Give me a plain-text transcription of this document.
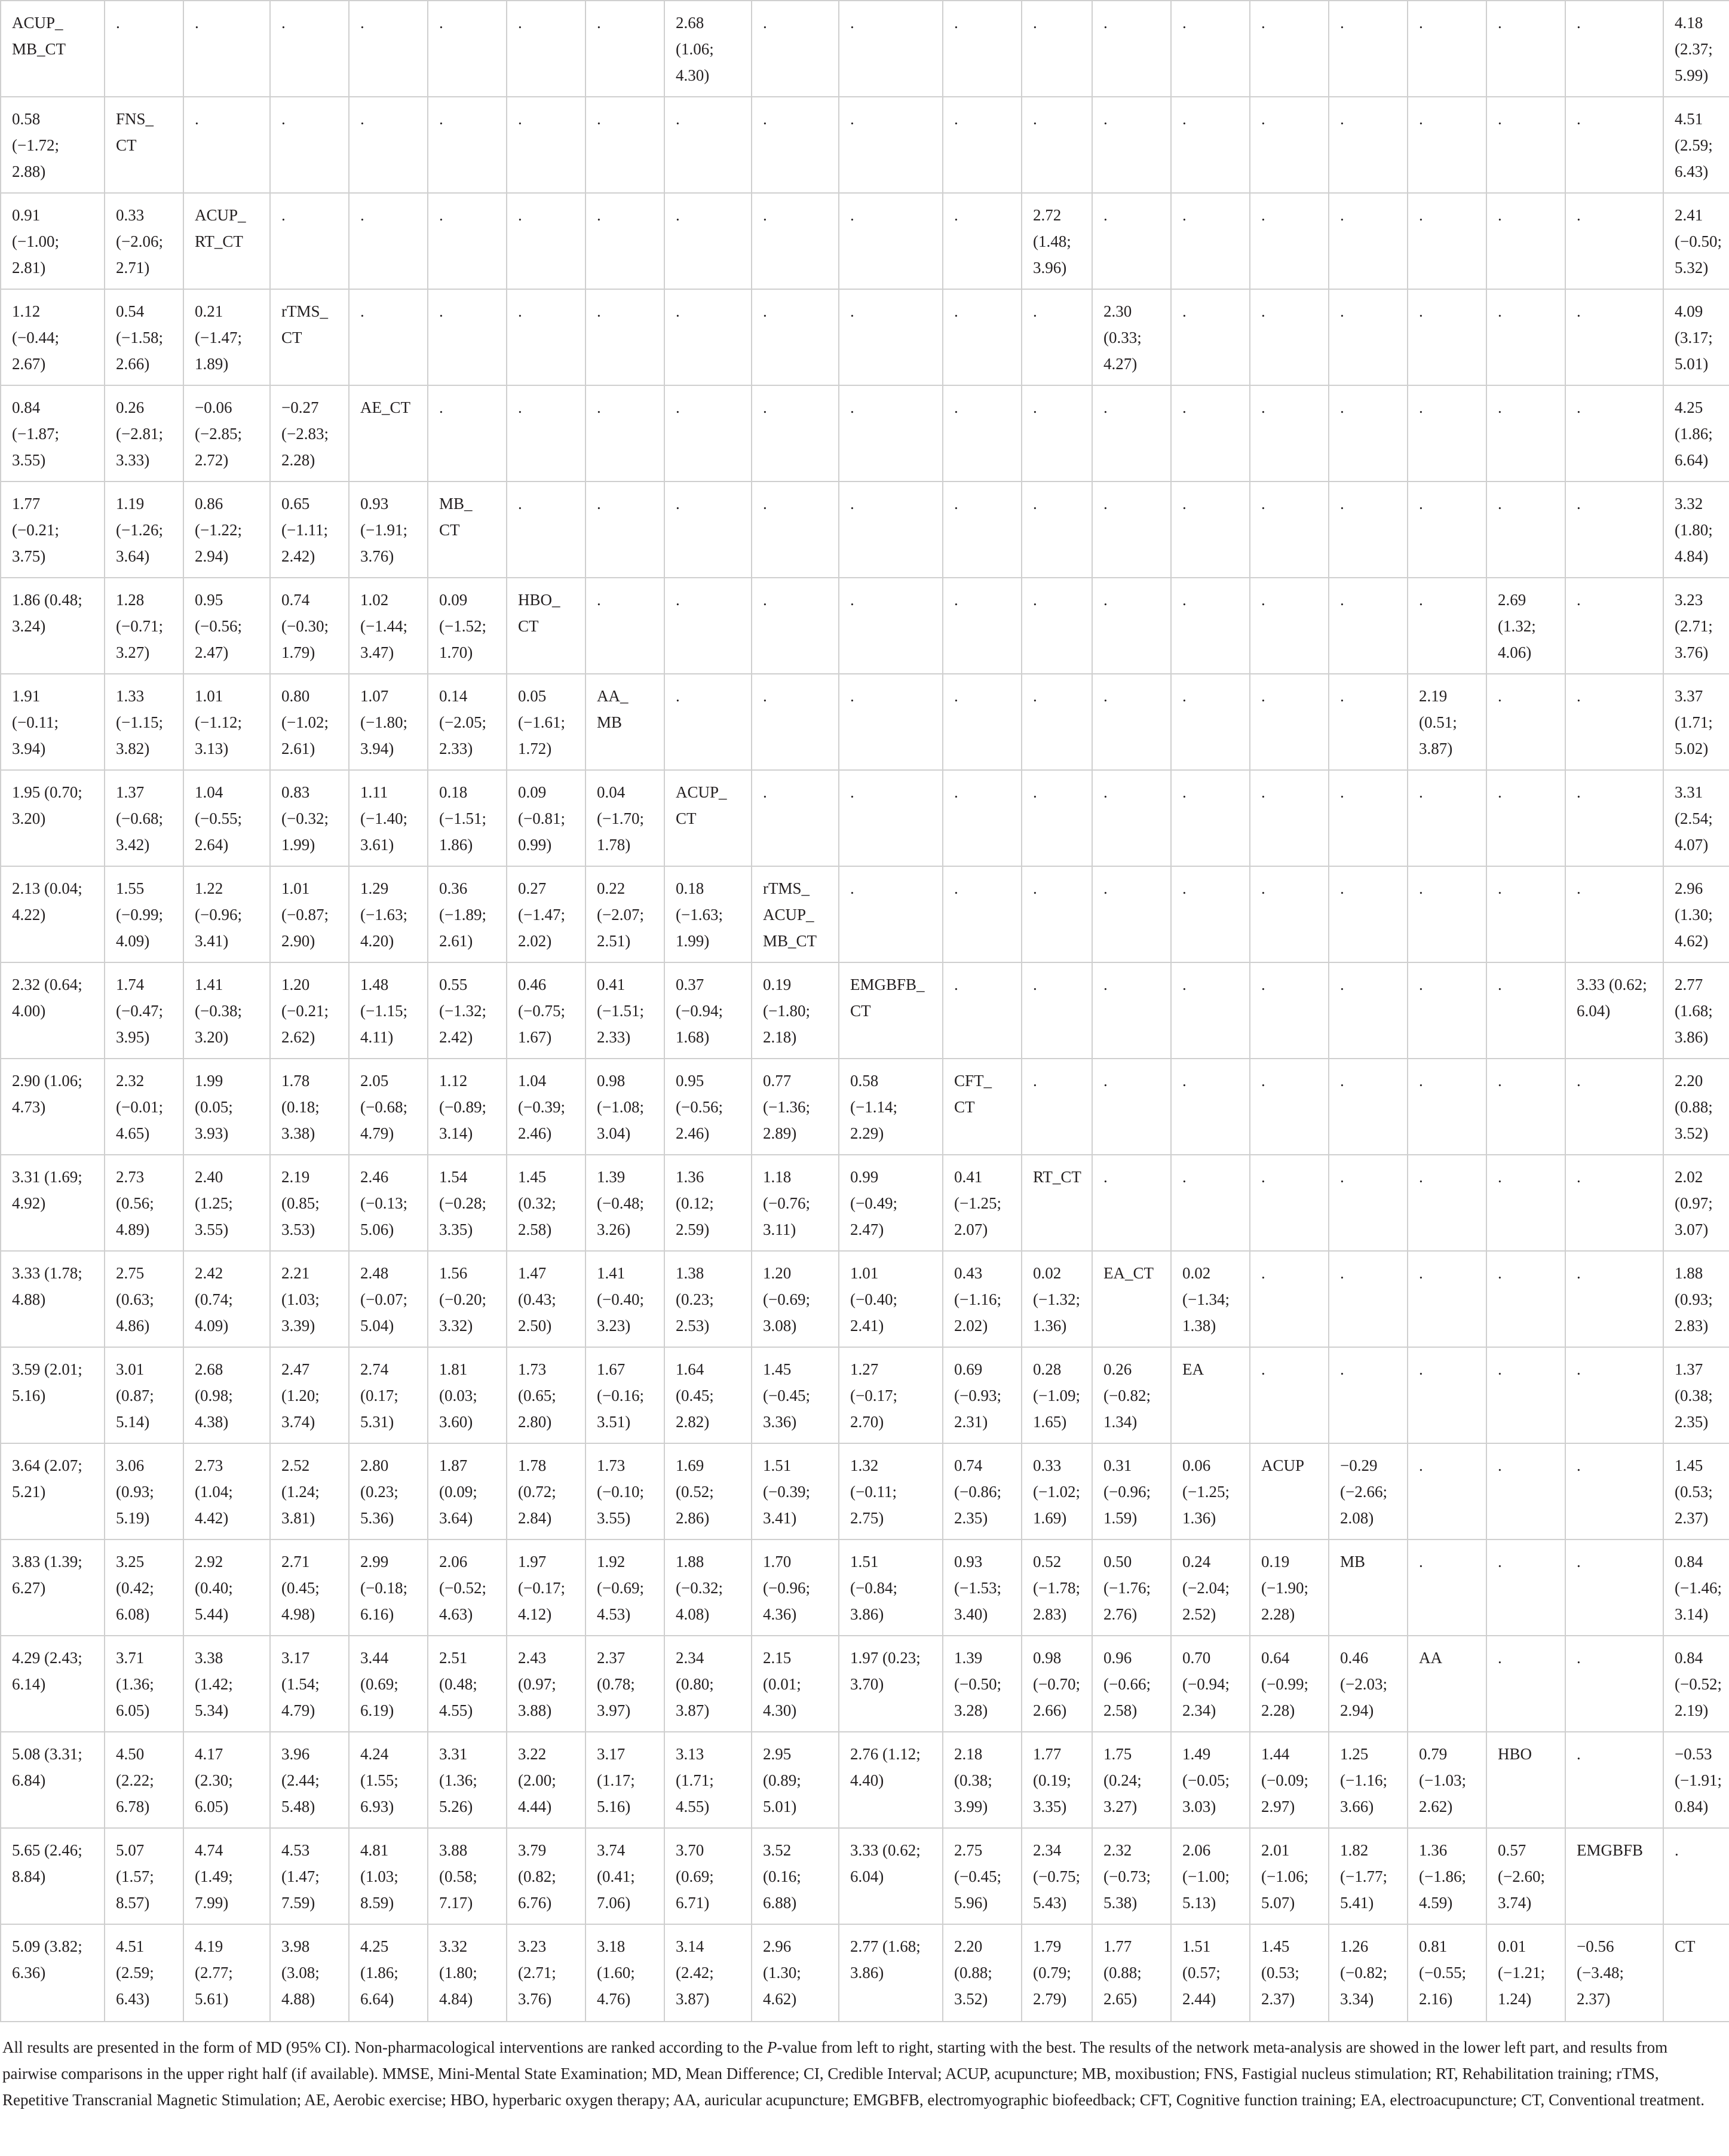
ACUP_
MB_CT	.	.	.	.	.	.	.	2.68
(1.06;
4.30)	.	.	.	.	.	.	.	.	.	.	.	4.18
(2.37;
5.99)
0.58
(−1.72;
2.88)	FNS_
CT	.	.	.	.	.	.	.	.	.	.	.	.	.	.	.	.	.	.	4.51
(2.59;
6.43)
0.91
(−1.00;
2.81)	0.33
(−2.06;
2.71)	ACUP_
RT_CT	.	.	.	.	.	.	.	.	.	2.72
(1.48;
3.96)	.	.	.	.	.	.	.	2.41
(−0.50;
5.32)
1.12
(−0.44;
2.67)	0.54
(−1.58;
2.66)	0.21
(−1.47;
1.89)	rTMS_
CT	.	.	.	.	.	.	.	.	.	2.30
(0.33;
4.27)	.	.	.	.	.	.	4.09
(3.17;
5.01)
0.84
(−1.87;
3.55)	0.26
(−2.81;
3.33)	−0.06
(−2.85;
2.72)	−0.27
(−2.83;
2.28)	AE_CT	.	.	.	.	.	.	.	.	.	.	.	.	.	.	.	4.25
(1.86;
6.64)
1.77
(−0.21;
3.75)	1.19
(−1.26;
3.64)	0.86
(−1.22;
2.94)	0.65
(−1.11;
2.42)	0.93
(−1.91;
3.76)	MB_
CT	.	.	.	.	.	.	.	.	.	.	.	.	.	.	3.32
(1.80;
4.84)
1.86 (0.48;
3.24)	1.28
(−0.71;
3.27)	0.95
(−0.56;
2.47)	0.74
(−0.30;
1.79)	1.02
(−1.44;
3.47)	0.09
(−1.52;
1.70)	HBO_
CT	.	.	.	.	.	.	.	.	.	.	.	2.69
(1.32;
4.06)	.	3.23
(2.71;
3.76)
1.91
(−0.11;
3.94)	1.33
(−1.15;
3.82)	1.01
(−1.12;
3.13)	0.80
(−1.02;
2.61)	1.07
(−1.80;
3.94)	0.14
(−2.05;
2.33)	0.05
(−1.61;
1.72)	AA_
MB	.	.	.	.	.	.	.	.	.	2.19
(0.51;
3.87)	.	.	3.37
(1.71;
5.02)
1.95 (0.70;
3.20)	1.37
(−0.68;
3.42)	1.04
(−0.55;
2.64)	0.83
(−0.32;
1.99)	1.11
(−1.40;
3.61)	0.18
(−1.51;
1.86)	0.09
(−0.81;
0.99)	0.04
(−1.70;
1.78)	ACUP_
CT	.	.	.	.	.	.	.	.	.	.	.	3.31
(2.54;
4.07)
2.13 (0.04;
4.22)	1.55
(−0.99;
4.09)	1.22
(−0.96;
3.41)	1.01
(−0.87;
2.90)	1.29
(−1.63;
4.20)	0.36
(−1.89;
2.61)	0.27
(−1.47;
2.02)	0.22
(−2.07;
2.51)	0.18
(−1.63;
1.99)	rTMS_
ACUP_
MB_CT	.	.	.	.	.	.	.	.	.	.	2.96
(1.30;
4.62)
2.32 (0.64;
4.00)	1.74
(−0.47;
3.95)	1.41
(−0.38;
3.20)	1.20
(−0.21;
2.62)	1.48
(−1.15;
4.11)	0.55
(−1.32;
2.42)	0.46
(−0.75;
1.67)	0.41
(−1.51;
2.33)	0.37
(−0.94;
1.68)	0.19
(−1.80;
2.18)	EMGBFB_
CT	.	.	.	.	.	.	.	.	3.33 (0.62;
6.04)	2.77
(1.68;
3.86)
2.90 (1.06;
4.73)	2.32
(−0.01;
4.65)	1.99
(0.05;
3.93)	1.78
(0.18;
3.38)	2.05
(−0.68;
4.79)	1.12
(−0.89;
3.14)	1.04
(−0.39;
2.46)	0.98
(−1.08;
3.04)	0.95
(−0.56;
2.46)	0.77
(−1.36;
2.89)	0.58
(−1.14;
2.29)	CFT_
CT	.	.	.	.	.	.	.	.	2.20
(0.88;
3.52)
3.31 (1.69;
4.92)	2.73
(0.56;
4.89)	2.40
(1.25;
3.55)	2.19
(0.85;
3.53)	2.46
(−0.13;
5.06)	1.54
(−0.28;
3.35)	1.45
(0.32;
2.58)	1.39
(−0.48;
3.26)	1.36
(0.12;
2.59)	1.18
(−0.76;
3.11)	0.99
(−0.49;
2.47)	0.41
(−1.25;
2.07)	RT_CT	.	.	.	.	.	.	.	2.02
(0.97;
3.07)
3.33 (1.78;
4.88)	2.75
(0.63;
4.86)	2.42
(0.74;
4.09)	2.21
(1.03;
3.39)	2.48
(−0.07;
5.04)	1.56
(−0.20;
3.32)	1.47
(0.43;
2.50)	1.41
(−0.40;
3.23)	1.38
(0.23;
2.53)	1.20
(−0.69;
3.08)	1.01
(−0.40;
2.41)	0.43
(−1.16;
2.02)	0.02
(−1.32;
1.36)	EA_CT	0.02
(−1.34;
1.38)	.	.	.	.	.	1.88
(0.93;
2.83)
3.59 (2.01;
5.16)	3.01
(0.87;
5.14)	2.68
(0.98;
4.38)	2.47
(1.20;
3.74)	2.74
(0.17;
5.31)	1.81
(0.03;
3.60)	1.73
(0.65;
2.80)	1.67
(−0.16;
3.51)	1.64
(0.45;
2.82)	1.45
(−0.45;
3.36)	1.27
(−0.17;
2.70)	0.69
(−0.93;
2.31)	0.28
(−1.09;
1.65)	0.26
(−0.82;
1.34)	EA	.	.	.	.	.	1.37
(0.38;
2.35)
3.64 (2.07;
5.21)	3.06
(0.93;
5.19)	2.73
(1.04;
4.42)	2.52
(1.24;
3.81)	2.80
(0.23;
5.36)	1.87
(0.09;
3.64)	1.78
(0.72;
2.84)	1.73
(−0.10;
3.55)	1.69
(0.52;
2.86)	1.51
(−0.39;
3.41)	1.32
(−0.11;
2.75)	0.74
(−0.86;
2.35)	0.33
(−1.02;
1.69)	0.31
(−0.96;
1.59)	0.06
(−1.25;
1.36)	ACUP	−0.29
(−2.66;
2.08)	.	.	.	1.45
(0.53;
2.37)
3.83 (1.39;
6.27)	3.25
(0.42;
6.08)	2.92
(0.40;
5.44)	2.71
(0.45;
4.98)	2.99
(−0.18;
6.16)	2.06
(−0.52;
4.63)	1.97
(−0.17;
4.12)	1.92
(−0.69;
4.53)	1.88
(−0.32;
4.08)	1.70
(−0.96;
4.36)	1.51
(−0.84;
3.86)	0.93
(−1.53;
3.40)	0.52
(−1.78;
2.83)	0.50
(−1.76;
2.76)	0.24
(−2.04;
2.52)	0.19
(−1.90;
2.28)	MB	.	.	.	0.84
(−1.46;
3.14)
4.29 (2.43;
6.14)	3.71
(1.36;
6.05)	3.38
(1.42;
5.34)	3.17
(1.54;
4.79)	3.44
(0.69;
6.19)	2.51
(0.48;
4.55)	2.43
(0.97;
3.88)	2.37
(0.78;
3.97)	2.34
(0.80;
3.87)	2.15
(0.01;
4.30)	1.97 (0.23;
3.70)	1.39
(−0.50;
3.28)	0.98
(−0.70;
2.66)	0.96
(−0.66;
2.58)	0.70
(−0.94;
2.34)	0.64
(−0.99;
2.28)	0.46
(−2.03;
2.94)	AA	.	.	0.84
(−0.52;
2.19)
5.08 (3.31;
6.84)	4.50
(2.22;
6.78)	4.17
(2.30;
6.05)	3.96
(2.44;
5.48)	4.24
(1.55;
6.93)	3.31
(1.36;
5.26)	3.22
(2.00;
4.44)	3.17
(1.17;
5.16)	3.13
(1.71;
4.55)	2.95
(0.89;
5.01)	2.76 (1.12;
4.40)	2.18
(0.38;
3.99)	1.77
(0.19;
3.35)	1.75
(0.24;
3.27)	1.49
(−0.05;
3.03)	1.44
(−0.09;
2.97)	1.25
(−1.16;
3.66)	0.79
(−1.03;
2.62)	HBO	.	−0.53
(−1.91;
0.84)
5.65 (2.46;
8.84)	5.07
(1.57;
8.57)	4.74
(1.49;
7.99)	4.53
(1.47;
7.59)	4.81
(1.03;
8.59)	3.88
(0.58;
7.17)	3.79
(0.82;
6.76)	3.74
(0.41;
7.06)	3.70
(0.69;
6.71)	3.52
(0.16;
6.88)	3.33 (0.62;
6.04)	2.75
(−0.45;
5.96)	2.34
(−0.75;
5.43)	2.32
(−0.73;
5.38)	2.06
(−1.00;
5.13)	2.01
(−1.06;
5.07)	1.82
(−1.77;
5.41)	1.36
(−1.86;
4.59)	0.57
(−2.60;
3.74)	EMGBFB	.
5.09 (3.82;
6.36)	4.51
(2.59;
6.43)	4.19
(2.77;
5.61)	3.98
(3.08;
4.88)	4.25
(1.86;
6.64)	3.32
(1.80;
4.84)	3.23
(2.71;
3.76)	3.18
(1.60;
4.76)	3.14
(2.42;
3.87)	2.96
(1.30;
4.62)	2.77 (1.68;
3.86)	2.20
(0.88;
3.52)	1.79
(0.79;
2.79)	1.77
(0.88;
2.65)	1.51
(0.57;
2.44)	1.45
(0.53;
2.37)	1.26
(−0.82;
3.34)	0.81
(−0.55;
2.16)	0.01
(−1.21;
1.24)	−0.56
(−3.48;
2.37)	CT
All results are presented in the form of MD (95% CI). Non-pharmacological interventions are ranked according to the P-value from left to right, starting with the best. The results of the network meta-analysis are showed in the lower left part, and results from pairwise comparisons in the upper right half (if available). MMSE, Mini-Mental State Examination; MD, Mean Difference; CI, Credible Interval; ACUP, acupuncture; MB, moxibustion; FNS, Fastigial nucleus stimulation; RT, Rehabilitation training; rTMS, Repetitive Transcranial Magnetic Stimulation; AE, Aerobic exercise; HBO, hyperbaric oxygen therapy; AA, auricular acupuncture; EMGBFB, electromyographic biofeedback; CFT, Cognitive function training; EA, electroacupuncture; CT, Conventional treatment.
